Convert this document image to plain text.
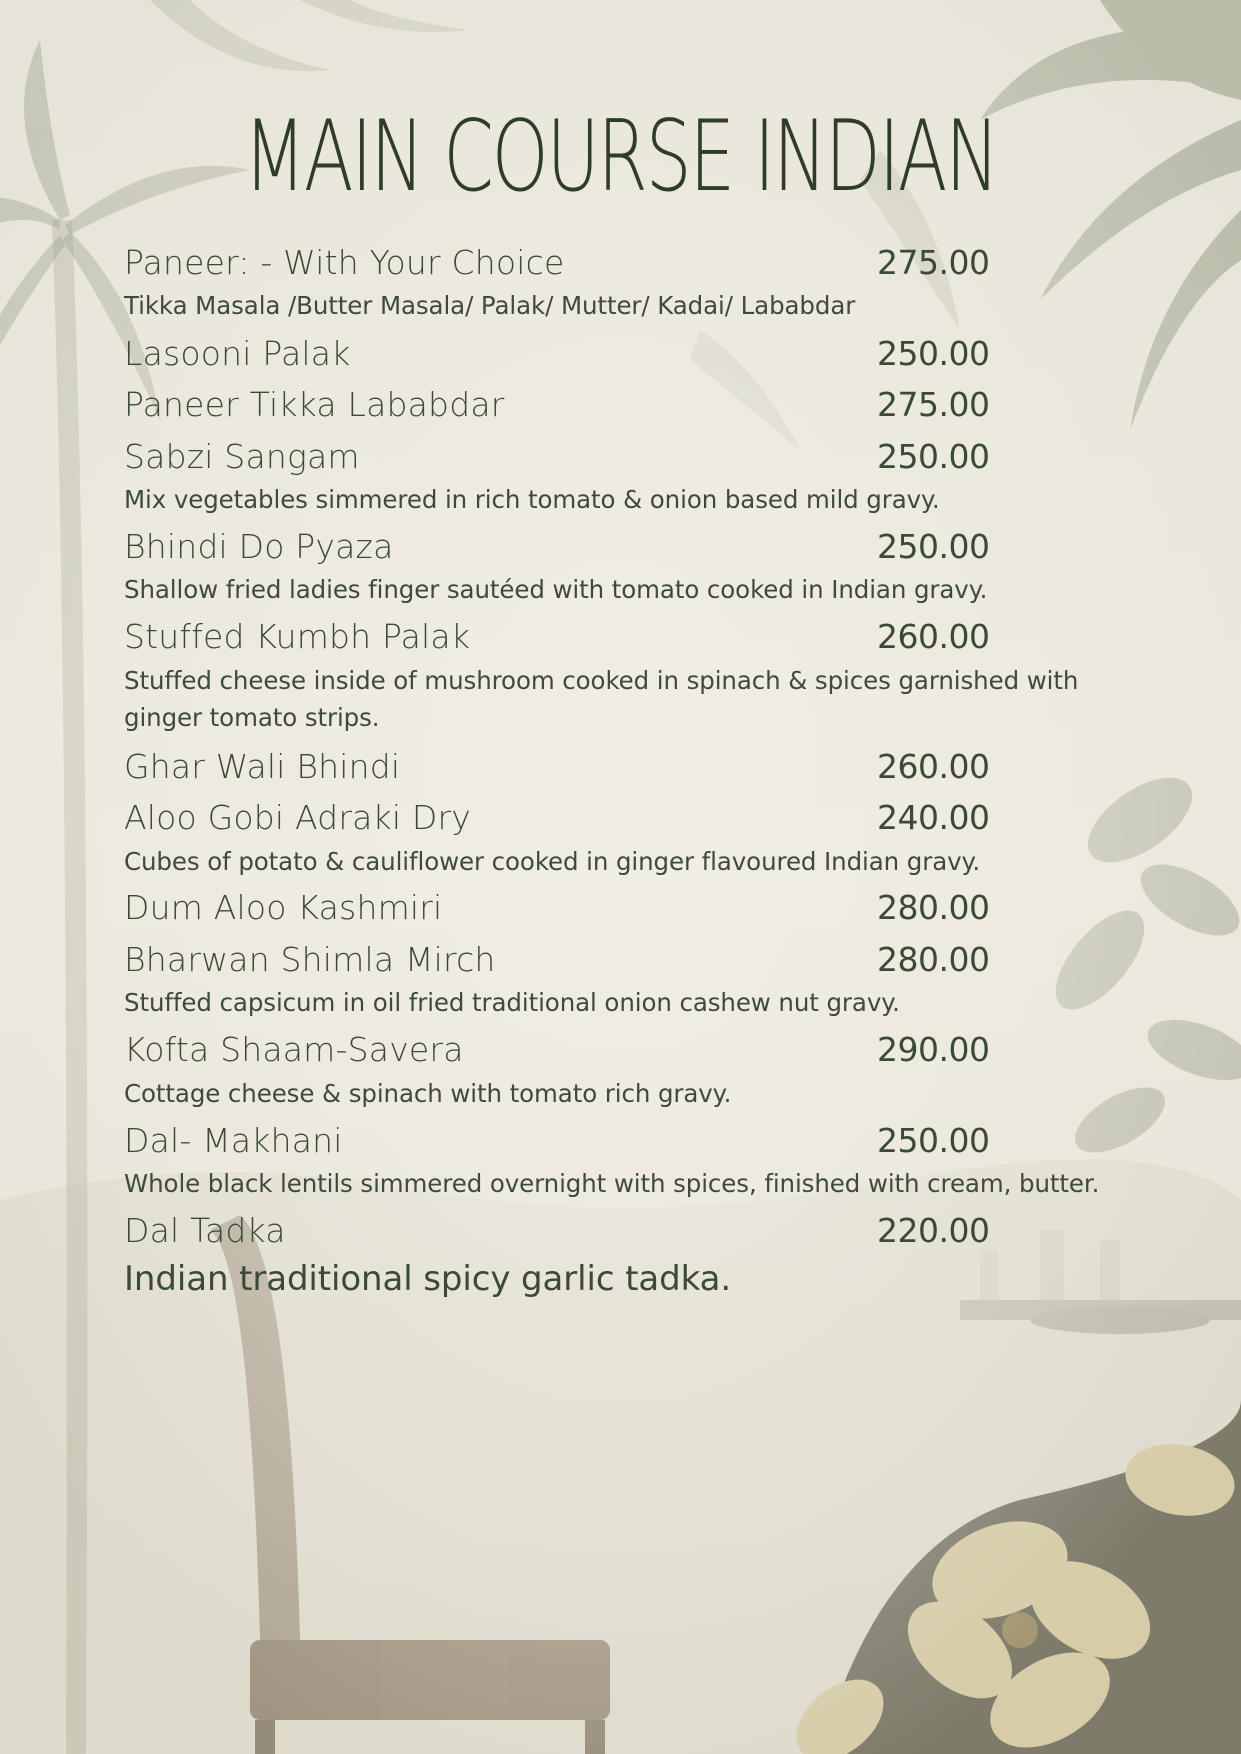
MAIN COURSE INDIAN
Paneer: - With Your Choice	275.00
Tikka Masala /Butter Masala/ Palak/ Mutter/ Kadai/ Lababdar
Lasooni Palak	250.00
Paneer Tikka Lababdar	275.00
Sabzi Sangam	250.00
Mix vegetables simmered in rich tomato & onion based mild gravy.
Bhindi Do Pyaza	250.00
Shallow fried ladies finger sautéed with tomato cooked in Indian gravy.
Stuffed Kumbh Palak	260.00
Stuffed cheese inside of mushroom cooked in spinach & spices garnished with ginger tomato strips.
Ghar Wali Bhindi	260.00
Aloo Gobi Adraki Dry	240.00
Cubes of potato & cauliflower cooked in ginger flavoured Indian gravy.
Dum Aloo Kashmiri	280.00
Bharwan Shimla Mirch	280.00
Stuffed capsicum in oil fried traditional onion cashew nut gravy.
Kofta Shaam-Savera	290.00
Cottage cheese & spinach with tomato rich gravy.
Dal- Makhani	250.00
Whole black lentils simmered overnight with spices, finished with cream, butter.
Dal Tadka	220.00
Indian traditional spicy garlic tadka.
